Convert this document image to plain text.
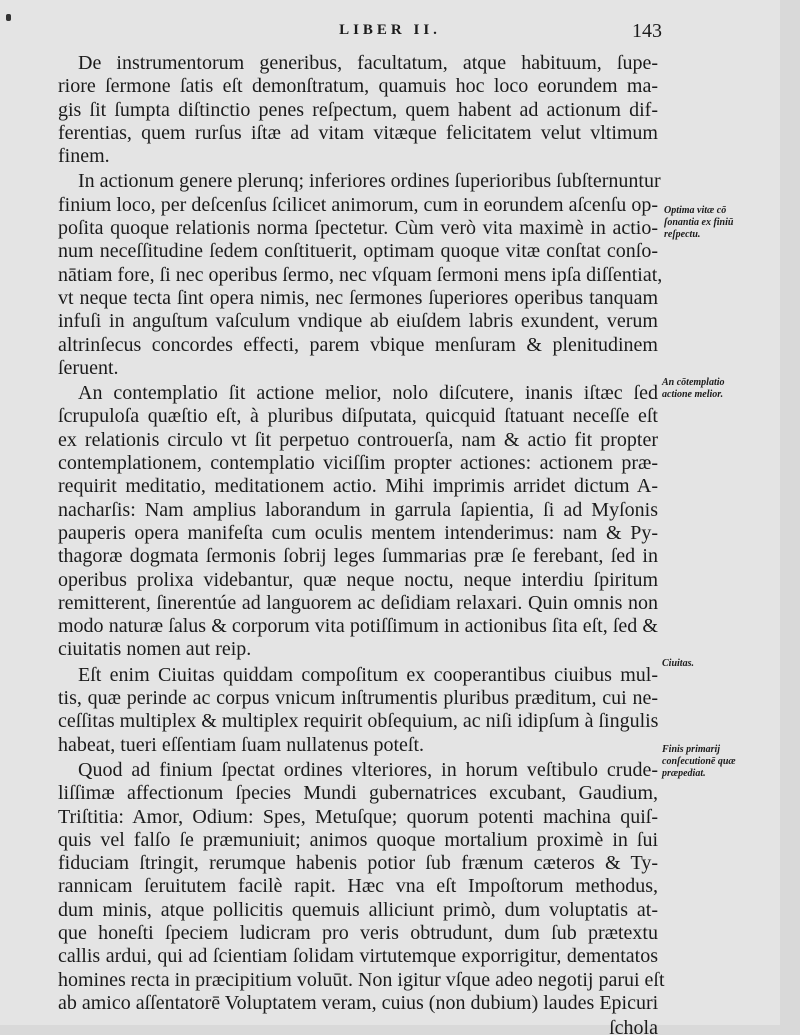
LIBER II.	143
De instrumentorum generibus, facultatum, atque habituum, ſupe-
riore ſermone ſatis eſt demonſtratum, quamuis hoc loco eorundem ma-
gis ſit ſumpta diſtinctio penes reſpectum, quem habent ad actionum dif-
ferentias, quem rurſus iſtæ ad vitam vitæque felicitatem velut vltimum
finem.
In actionum genere plerunq; inferiores ordines ſuperioribus ſubſternuntur
finium loco, per deſcenſus ſcilicet animorum, cum in eorundem aſcenſu op-
poſita quoque relationis norma ſpectetur. Cùm verò vita maximè in actio-
num neceſſitudine ſedem conſtituerit, optimam quoque vitæ conſtat conſo-
nātiam fore, ſi nec operibus ſermo, nec vſquam ſermoni mens ipſa diſſentiat,
vt neque tecta ſint opera nimis, nec ſermones ſuperiores operibus tanquam
infuſi in anguſtum vaſculum vndique ab eiuſdem labris exundent, verum
altrinſecus concordes effecti, parem vbique menſuram & plenitudinem
ſeruent.
An contemplatio ſit actione melior, nolo diſcutere, inanis iſtæc ſed
ſcrupuloſa quæſtio eſt, à pluribus diſputata, quicquid ſtatuant neceſſe eſt
ex relationis circulo vt ſit perpetuo controuerſa, nam & actio fit propter
contemplationem, contemplatio viciſſim propter actiones: actionem præ-
requirit meditatio, meditationem actio. Mihi imprimis arridet dictum A-
nacharſis: Nam amplius laborandum in garrula ſapientia, ſi ad Myſonis
pauperis opera manifeſta cum oculis mentem intenderimus: nam & Py-
thagoræ dogmata ſermonis ſobrij leges ſummarias præ ſe ferebant, ſed in
operibus prolixa videbantur, quæ neque noctu, neque interdiu ſpiritum
remitterent, ſinerentúe ad languorem ac deſidiam relaxari. Quin omnis non
modo naturæ ſalus & corporum vita potiſſimum in actionibus ſita eſt, ſed &
ciuitatis nomen aut reip.
Eſt enim Ciuitas quiddam compoſitum ex cooperantibus ciuibus mul-
tis, quæ perinde ac corpus vnicum inſtrumentis pluribus præditum, cui ne-
ceſſitas multiplex & multiplex requirit obſequium, ac niſi idipſum à ſingulis
habeat, tueri eſſentiam ſuam nullatenus poteſt.
Quod ad finium ſpectat ordines vlteriores, in horum veſtibulo crude-
liſſimæ affectionum ſpecies Mundi gubernatrices excubant, Gaudium,
Triſtitia: Amor, Odium: Spes, Metuſque; quorum potenti machina quiſ-
quis vel falſo ſe præmuniuit; animos quoque mortalium proximè in ſui
fiduciam ſtringit, rerumque habenis potior ſub frænum cæteros & Ty-
rannicam ſeruitutem facilè rapit. Hæc vna eſt Impoſtorum methodus,
dum minis, atque pollicitis quemuis alliciunt primò, dum voluptatis at-
que honeſti ſpeciem ludicram pro veris obtrudunt, dum ſub prætextu
callis ardui, qui ad ſcientiam ſolidam virtutemque exporrigitur, dementatos
homines recta in præcipitium voluūt. Non igitur vſque adeo negotij parui eſt
ab amico aſſentatorē Voluptatem veram, cuius (non dubium) laudes Epicuri
ſchola
Optima vitæ cō ſonantia ex finiū reſpectu.
An cōtemplatio actione melior.
Ciuitas.
Finis primarij conſecutionē quæ præpediat.
